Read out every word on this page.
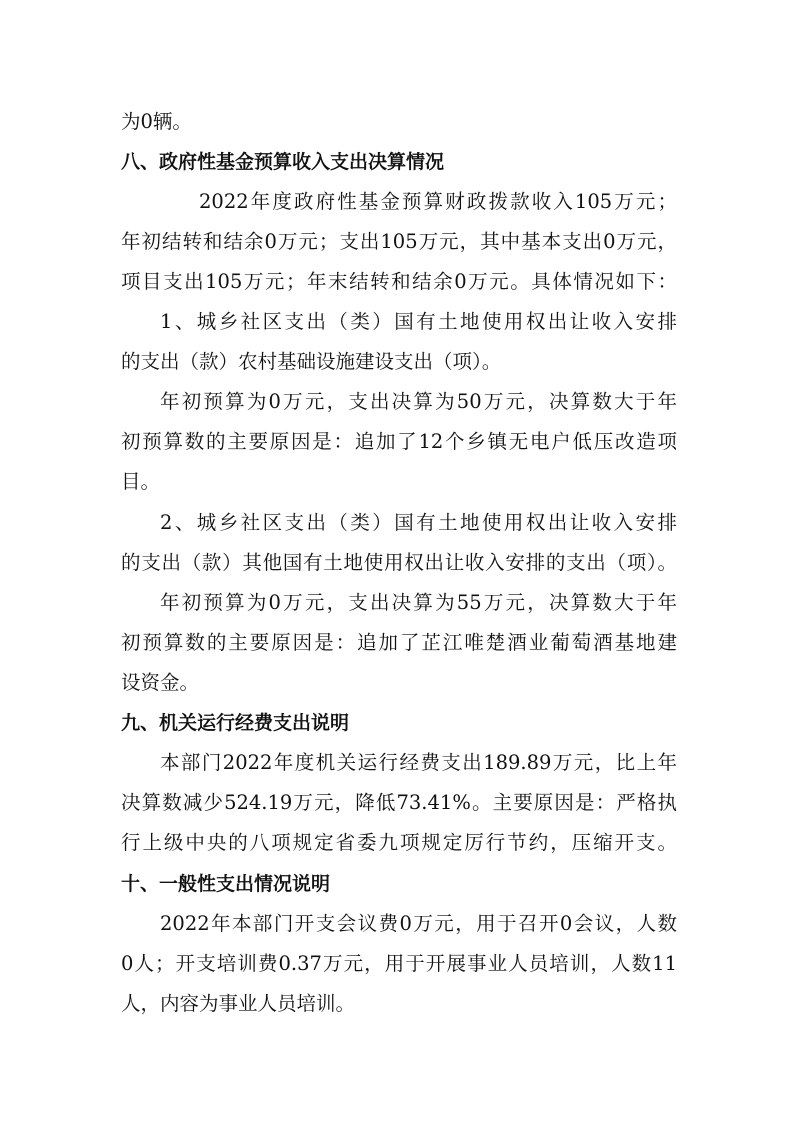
为0辆。

八、政府性基金预算收入支出决算情况

2022年度政府性基金预算财政拨款收入105万元；

年初结转和结余0万元；支出105万元，其中基本支出0万元，

项目支出105万元；年末结转和结余0万元。具体情况如下：

1、城乡社区支出（类）国有土地使用权出让收入安排

的支出（款）农村基础设施建设支出（项）。

年初预算为0万元，支出决算为50万元，决算数大于年

初预算数的主要原因是：追加了12个乡镇无电户低压改造项

目。

2、城乡社区支出（类）国有土地使用权出让收入安排

的支出（款）其他国有土地使用权出让收入安排的支出（项）。

年初预算为0万元，支出决算为55万元，决算数大于年

初预算数的主要原因是：追加了芷江唯楚酒业葡萄酒基地建

设资金。

九、机关运行经费支出说明

本部门2022年度机关运行经费支出189.89万元，比上年

决算数减少524.19万元，降低73.41%。主要原因是：严格执

行上级中央的八项规定省委九项规定厉行节约，压缩开支。

十、一般性支出情况说明

2022年本部门开支会议费0万元，用于召开0会议，人数

0人；开支培训费0.37万元，用于开展事业人员培训，人数11

人，内容为事业人员培训。
